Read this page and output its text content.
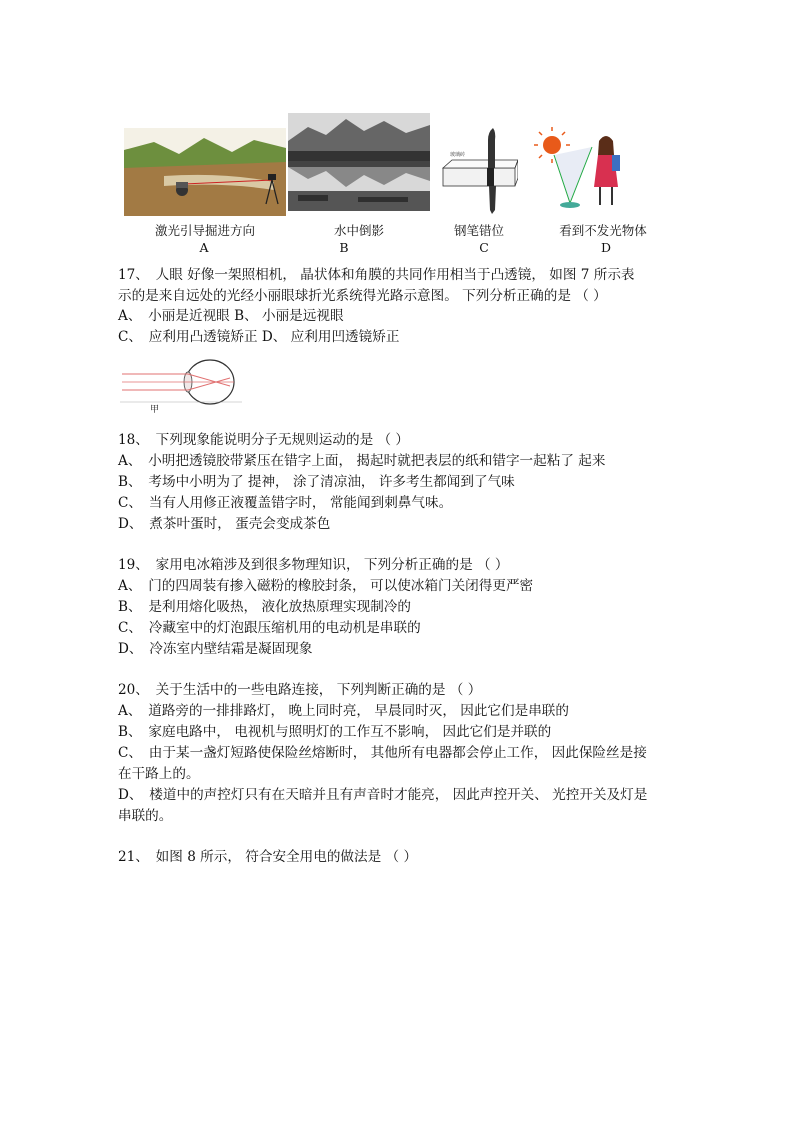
玻璃砖
激光引导掘进方向	水中倒影	钢笔错位	看到不发光物体
A	B	C	D
17、　人眼 好像一架照相机， 晶状体和角膜的共同作用相当于凸透镜， 如图 7 所示表
示的是来自远处的光经小丽眼球折光系统得光路示意图。 下列分析正确的是 （ ）
A、　小丽是近视眼 B、 小丽是远视眼
C、　应利用凸透镜矫正 D、 应利用凹透镜矫正
甲
18、　下列现象能说明分子无规则运动的是 （ ）
A、　小明把透镜胶带紧压在错字上面， 揭起时就把表层的纸和错字一起粘了 起来
B、　考场中小明为了 提神， 涂了清凉油， 许多考生都闻到了气味
C、　当有人用修正液覆盖错字时， 常能闻到刺鼻气味。
D、　煮茶叶蛋时， 蛋壳会变成茶色
19、　家用电冰箱涉及到很多物理知识， 下列分析正确的是 （ ）
A、　门的四周装有掺入磁粉的橡胶封条， 可以使冰箱门关闭得更严密
B、　是利用熔化吸热， 液化放热原理实现制冷的
C、　冷藏室中的灯泡跟压缩机用的电动机是串联的
D、　冷冻室内壁结霜是凝固现象
20、　关于生活中的一些电路连接， 下列判断正确的是 （ ）
A、　道路旁的一排排路灯， 晚上同时亮， 早晨同时灭， 因此它们是串联的
B、　家庭电路中， 电视机与照明灯的工作互不影响， 因此它们是并联的
C、　由于某一盏灯短路使保险丝熔断时， 其他所有电器都会停止工作， 因此保险丝是接
在干路上的。
D、　楼道中的声控灯只有在天暗并且有声音时才能亮， 因此声控开关、 光控开关及灯是
串联的。
21、　如图 8 所示， 符合安全用电的做法是 （ ）
